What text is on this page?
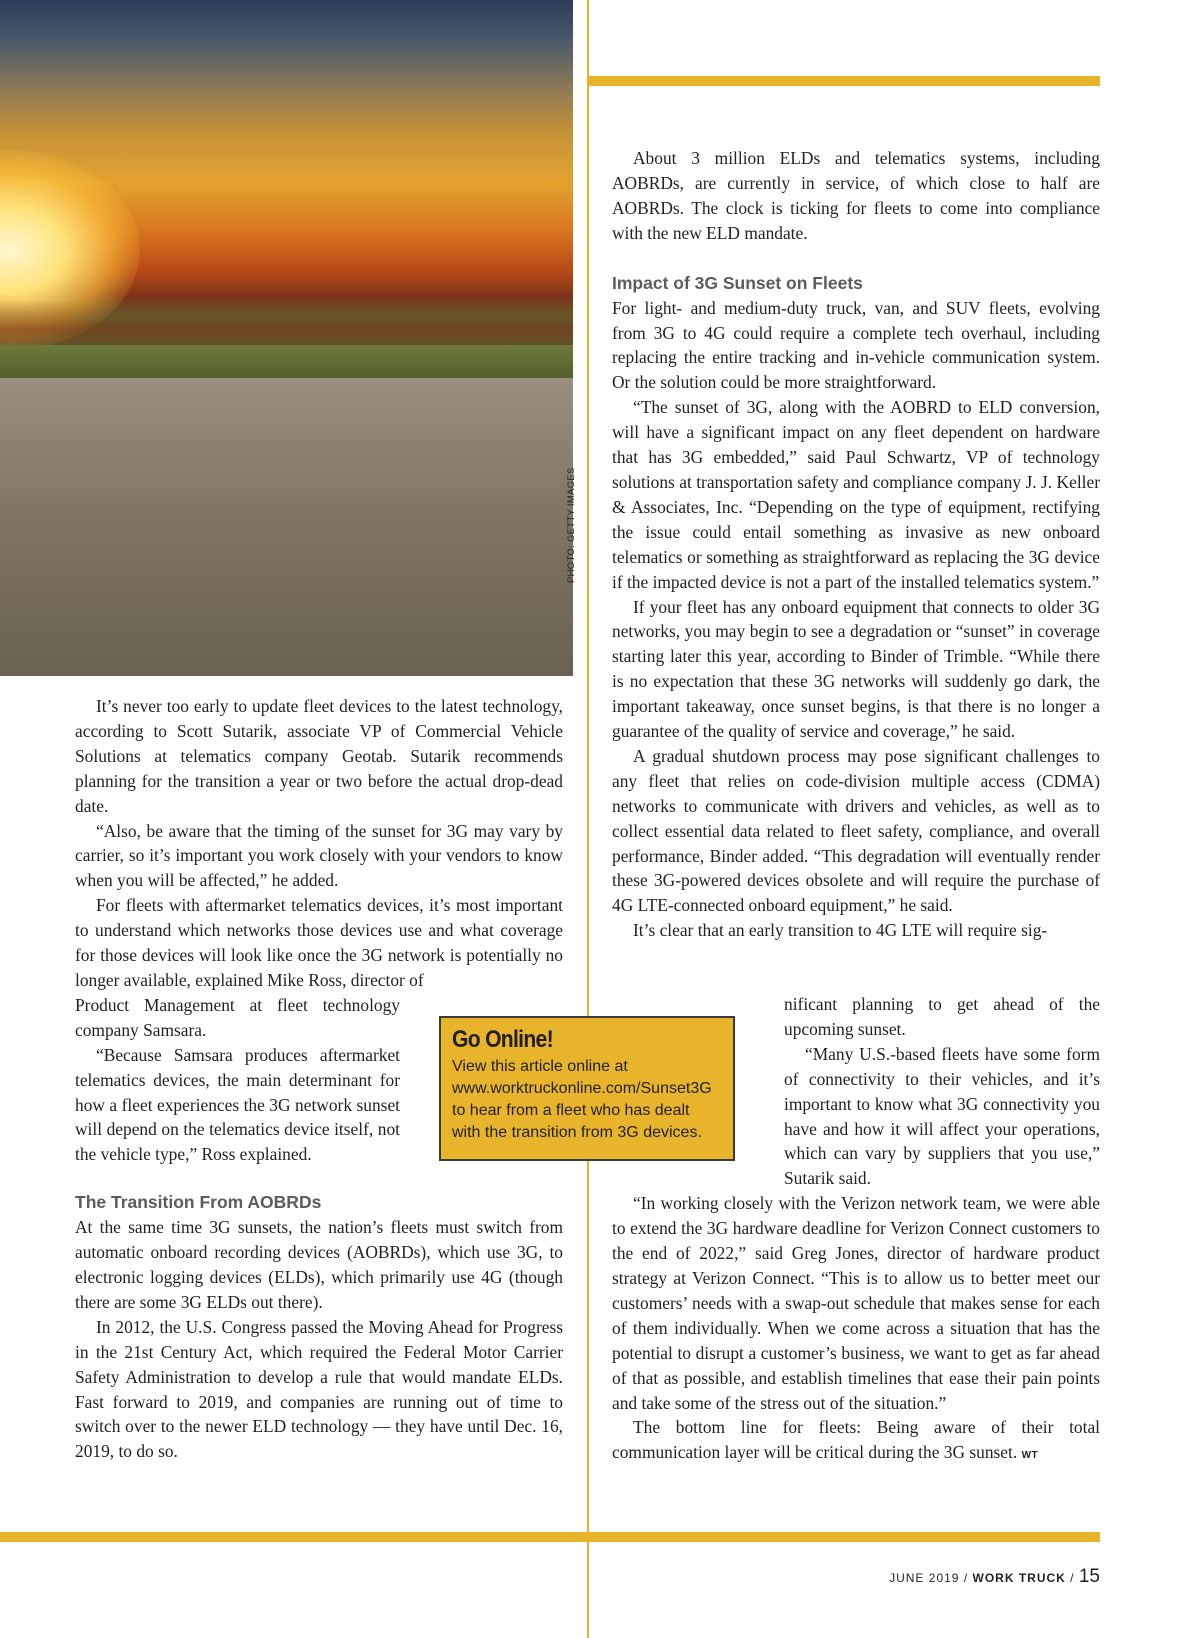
PHOTO: GETTY IMAGES

About 3 million ELDs and telematics systems, including AOBRDs, are currently in service, of which close to half are AOBRDs. The clock is ticking for fleets to come into compliance with the new ELD mandate.

Impact of 3G Sunset on Fleets

For light- and medium-duty truck, van, and SUV fleets, evolving from 3G to 4G could require a complete tech overhaul, including replacing the entire tracking and in-vehicle communication system. Or the solution could be more straightforward.

“The sunset of 3G, along with the AOBRD to ELD conversion, will have a significant impact on any fleet dependent on hardware that has 3G embedded,” said Paul Schwartz, VP of technology solutions at transportation safety and compliance company J. J. Keller & Associates, Inc. “Depending on the type of equipment, rectifying the issue could entail something as invasive as new onboard telematics or something as straightforward as replacing the 3G device if the impacted device is not a part of the installed telematics system.”

If your fleet has any onboard equipment that connects to older 3G networks, you may begin to see a degradation or “sunset” in coverage starting later this year, according to Binder of Trimble. “While there is no expectation that these 3G networks will suddenly go dark, the important takeaway, once sunset begins, is that there is no longer a guarantee of the quality of service and coverage,” he said.

A gradual shutdown process may pose significant challenges to any fleet that relies on code-division multiple access (CDMA) networks to communicate with drivers and vehicles, as well as to collect essential data related to fleet safety, compliance, and overall performance, Binder added. “This degradation will eventually render these 3G-powered devices obsolete and will require the purchase of 4G LTE-connected onboard equipment,” he said.

It’s clear that an early transition to 4G LTE will require sig-

It’s never too early to update fleet devices to the latest technology, according to Scott Sutarik, associate VP of Commercial Vehicle Solutions at telematics company Geotab. Sutarik recommends planning for the transition a year or two before the actual drop-dead date.

“Also, be aware that the timing of the sunset for 3G may vary by carrier, so it’s important you work closely with your vendors to know when you will be affected,” he added.

For fleets with aftermarket telematics devices, it’s most important to understand which networks those devices use and what coverage for those devices will look like once the 3G network is potentially no longer available, explained Mike Ross, director of

Product Management at fleet technology company Samsara.

“Because Samsara produces aftermarket telematics devices, the main determinant for how a fleet experiences the 3G network sunset will depend on the telematics device itself, not the vehicle type,” Ross explained.

The Transition From AOBRDs

At the same time 3G sunsets, the nation’s fleets must switch from automatic onboard recording devices (AOBRDs), which use 3G, to electronic logging devices (ELDs), which primarily use 4G (though there are some 3G ELDs out there).

In 2012, the U.S. Congress passed the Moving Ahead for Progress in the 21st Century Act, which required the Federal Motor Carrier Safety Administration to develop a rule that would mandate ELDs. Fast forward to 2019, and companies are running out of time to switch over to the newer ELD technology — they have until Dec. 16, 2019, to do so.

nificant planning to get ahead of the upcoming sunset.

“Many U.S.-based fleets have some form of connectivity to their vehicles, and it’s important to know what 3G connectivity you have and how it will affect your operations, which can vary by suppliers that you use,” Sutarik said.

“In working closely with the Verizon network team, we were able to extend the 3G hardware deadline for Verizon Connect customers to the end of 2022,” said Greg Jones, director of hardware product strategy at Verizon Connect. “This is to allow us to better meet our customers’ needs with a swap-out schedule that makes sense for each of them individually. When we come across a situation that has the potential to disrupt a customer’s business, we want to get as far ahead of that as possible, and establish timelines that ease their pain points and take some of the stress out of the situation.”

The bottom line for fleets: Being aware of their total communication layer will be critical during the 3G sunset. WT

Go Online!
View this article online at www.worktruckonline.com/Sunset3G to hear from a fleet who has dealt with the transition from 3G devices.
JUNE 2019 / WORK TRUCK / 15
